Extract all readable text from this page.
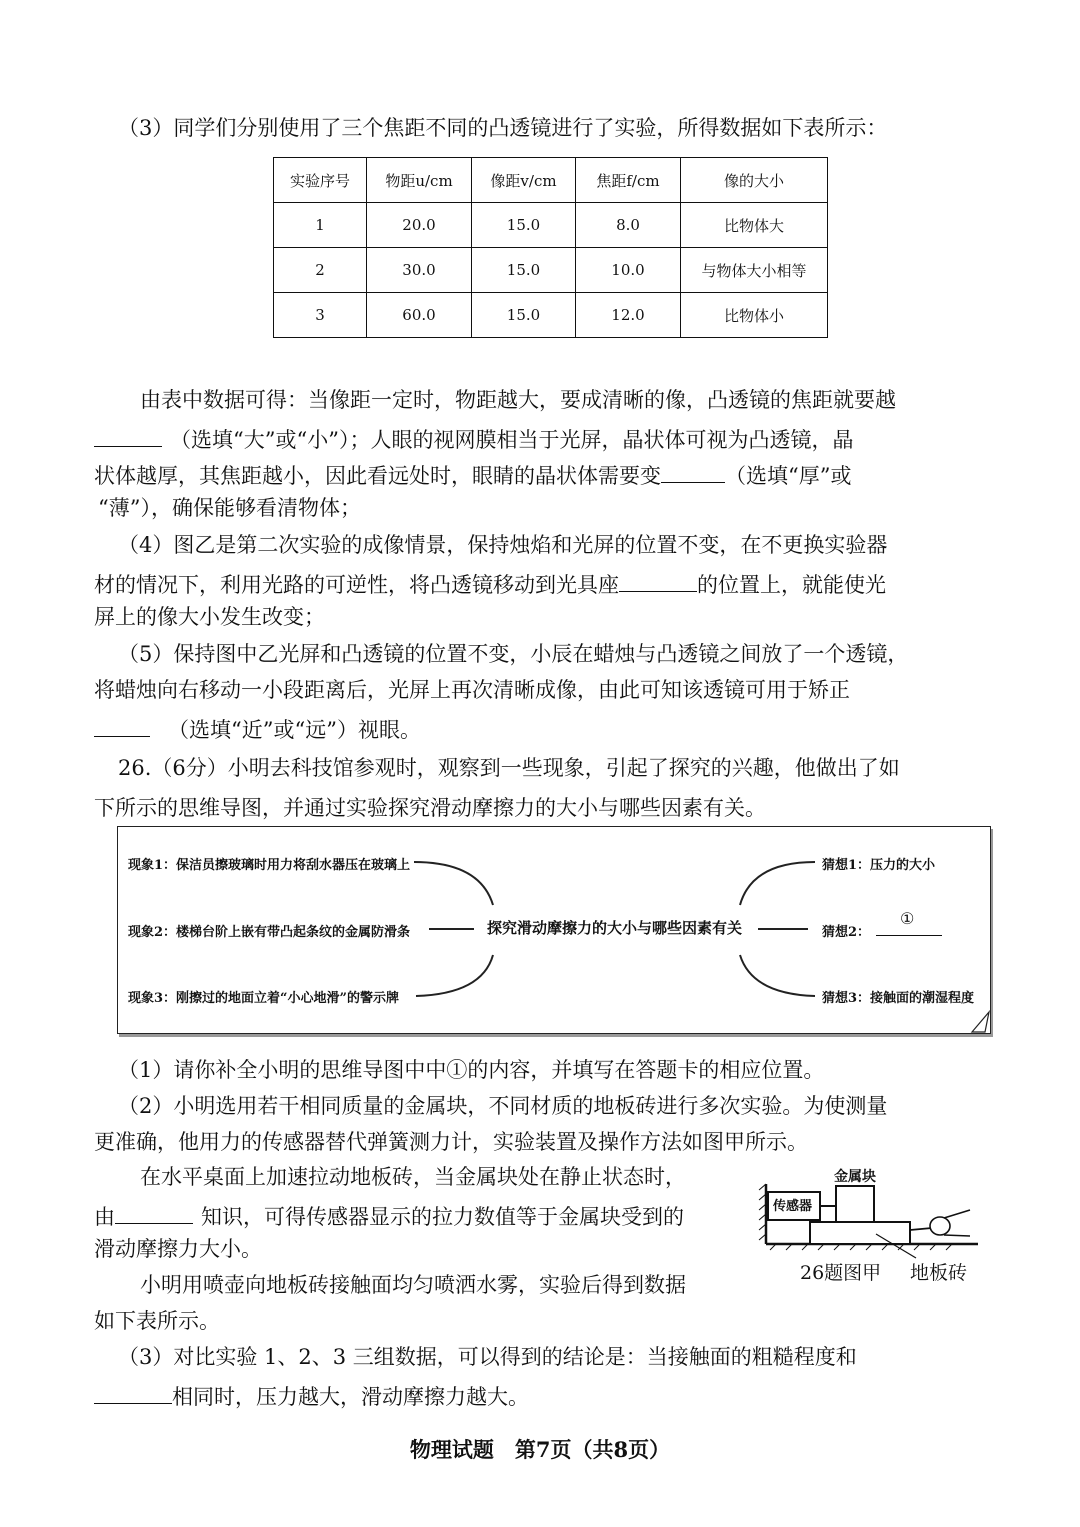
（3）同学们分别使用了三个焦距不同的凸透镜进行了实验，所得数据如下表所示：
实验序号	物距u/cm	像距v/cm	焦距f/cm	像的大小
1	20.0	15.0	8.0	比物体大
2	30.0	15.0	10.0	与物体大小相等
3	60.0	15.0	12.0	比物体小
由表中数据可得：当像距一定时，物距越大，要成清晰的像，凸透镜的焦距就要越
（选填“大”或“小”）；人眼的视网膜相当于光屏，晶状体可视为凸透镜，晶
状体越厚，其焦距越小，因此看远处时，眼睛的晶状体需要变	（选填“厚”或
“薄”），确保能够看清物体；
（4）图乙是第二次实验的成像情景，保持烛焰和光屏的位置不变，在不更换实验器
材的情况下，利用光路的可逆性，将凸透镜移动到光具座	的位置上，就能使光
屏上的像大小发生改变；
（5）保持图中乙光屏和凸透镜的位置不变，小辰在蜡烛与凸透镜之间放了一个透镜，
将蜡烛向右移动一小段距离后，光屏上再次清晰成像，由此可知该透镜可用于矫正
（选填“近”或“远”）视眼。
26.（6分）小明去科技馆参观时，观察到一些现象，引起了探究的兴趣，他做出了如
下所示的思维导图，并通过实验探究滑动摩擦力的大小与哪些因素有关。
现象1：保洁员擦玻璃时用力将刮水器压在玻璃上
现象2：楼梯台阶上嵌有带凸起条纹的金属防滑条
现象3：刚擦过的地面立着“小心地滑”的警示牌
探究滑动摩擦力的大小与哪些因素有关
猜想1：压力的大小
猜想2：
①
猜想3：接触面的潮湿程度
（1）请你补全小明的思维导图中中①的内容，并填写在答题卡的相应位置。
（2）小明选用若干相同质量的金属块，不同材质的地板砖进行多次实验。为使测量
更准确，他用力的传感器替代弹簧测力计，实验装置及操作方法如图甲所示。
在水平桌面上加速拉动地板砖，当金属块处在静止状态时，
由	知识，可得传感器显示的拉力数值等于金属块受到的
滑动摩擦力大小。
小明用喷壶向地板砖接触面均匀喷洒水雾，实验后得到数据
如下表所示。
金属块
传感器
26题图甲 地板砖
（3）对比实验 1、2、3 三组数据，可以得到的结论是：当接触面的粗糙程度和
相同时，压力越大，滑动摩擦力越大。
物理试题　第7页（共8页）
